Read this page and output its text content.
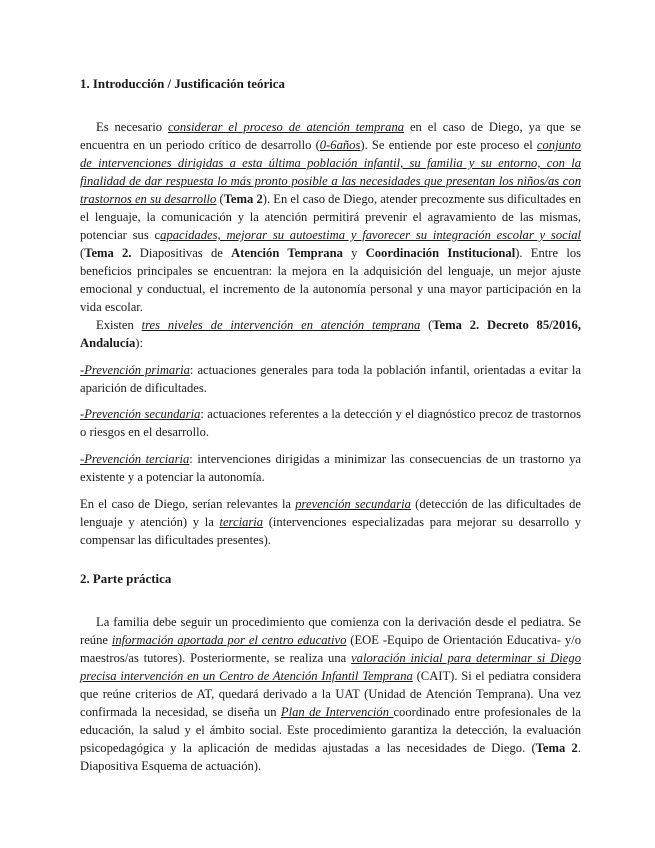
1. Introducción / Justificación teórica

Es necesario considerar el proceso de atención temprana en el caso de Diego, ya que se encuentra en un periodo crítico de desarrollo (0-6años). Se entiende por este proceso el conjunto de intervenciones dirigidas a esta última población infantil, su familia y su entorno, con la finalidad de dar respuesta lo más pronto posible a las necesidades que presentan los niños/as con trastornos en su desarrollo (Tema 2). En el caso de Diego, atender precozmente sus dificultades en el lenguaje, la comunicación y la atención permitirá prevenir el agravamiento de las mismas, potenciar sus capacidades, mejorar su autoestima y favorecer su integración escolar y social (Tema 2. Diapositivas de Atención Temprana y Coordinación Institucional). Entre los beneficios principales se encuentran: la mejora en la adquisición del lenguaje, un mejor ajuste emocional y conductual, el incremento de la autonomía personal y una mayor participación en la vida escolar.

Existen tres niveles de intervención en atención temprana (Tema 2. Decreto 85/2016, Andalucía):

-Prevención primaria: actuaciones generales para toda la población infantil, orientadas a evitar la aparición de dificultades.

-Prevención secundaria: actuaciones referentes a la detección y el diagnóstico precoz de trastornos o riesgos en el desarrollo.

-Prevención terciaria: intervenciones dirigidas a minimizar las consecuencias de un trastorno ya existente y a potenciar la autonomía.

En el caso de Diego, serían relevantes la prevención secundaria (detección de las dificultades de lenguaje y atención) y la terciaria (intervenciones especializadas para mejorar su desarrollo y compensar las dificultades presentes).

2. Parte práctica

La familia debe seguir un procedimiento que comienza con la derivación desde el pediatra. Se reúne información aportada por el centro educativo (EOE -Equipo de Orientación Educativa- y/o maestros/as tutores). Posteriormente, se realiza una valoración inicial para determinar si Diego precisa intervención en un Centro de Atención Infantil Temprana (CAIT). Si el pediatra considera que reúne criterios de AT, quedará derivado a la UAT (Unidad de Atención Temprana). Una vez confirmada la necesidad, se diseña un Plan de Intervención coordinado entre profesionales de la educación, la salud y el ámbito social. Este procedimiento garantiza la detección, la evaluación psicopedagógica y la aplicación de medidas ajustadas a las necesidades de Diego. (Tema 2. Diapositiva Esquema de actuación).
